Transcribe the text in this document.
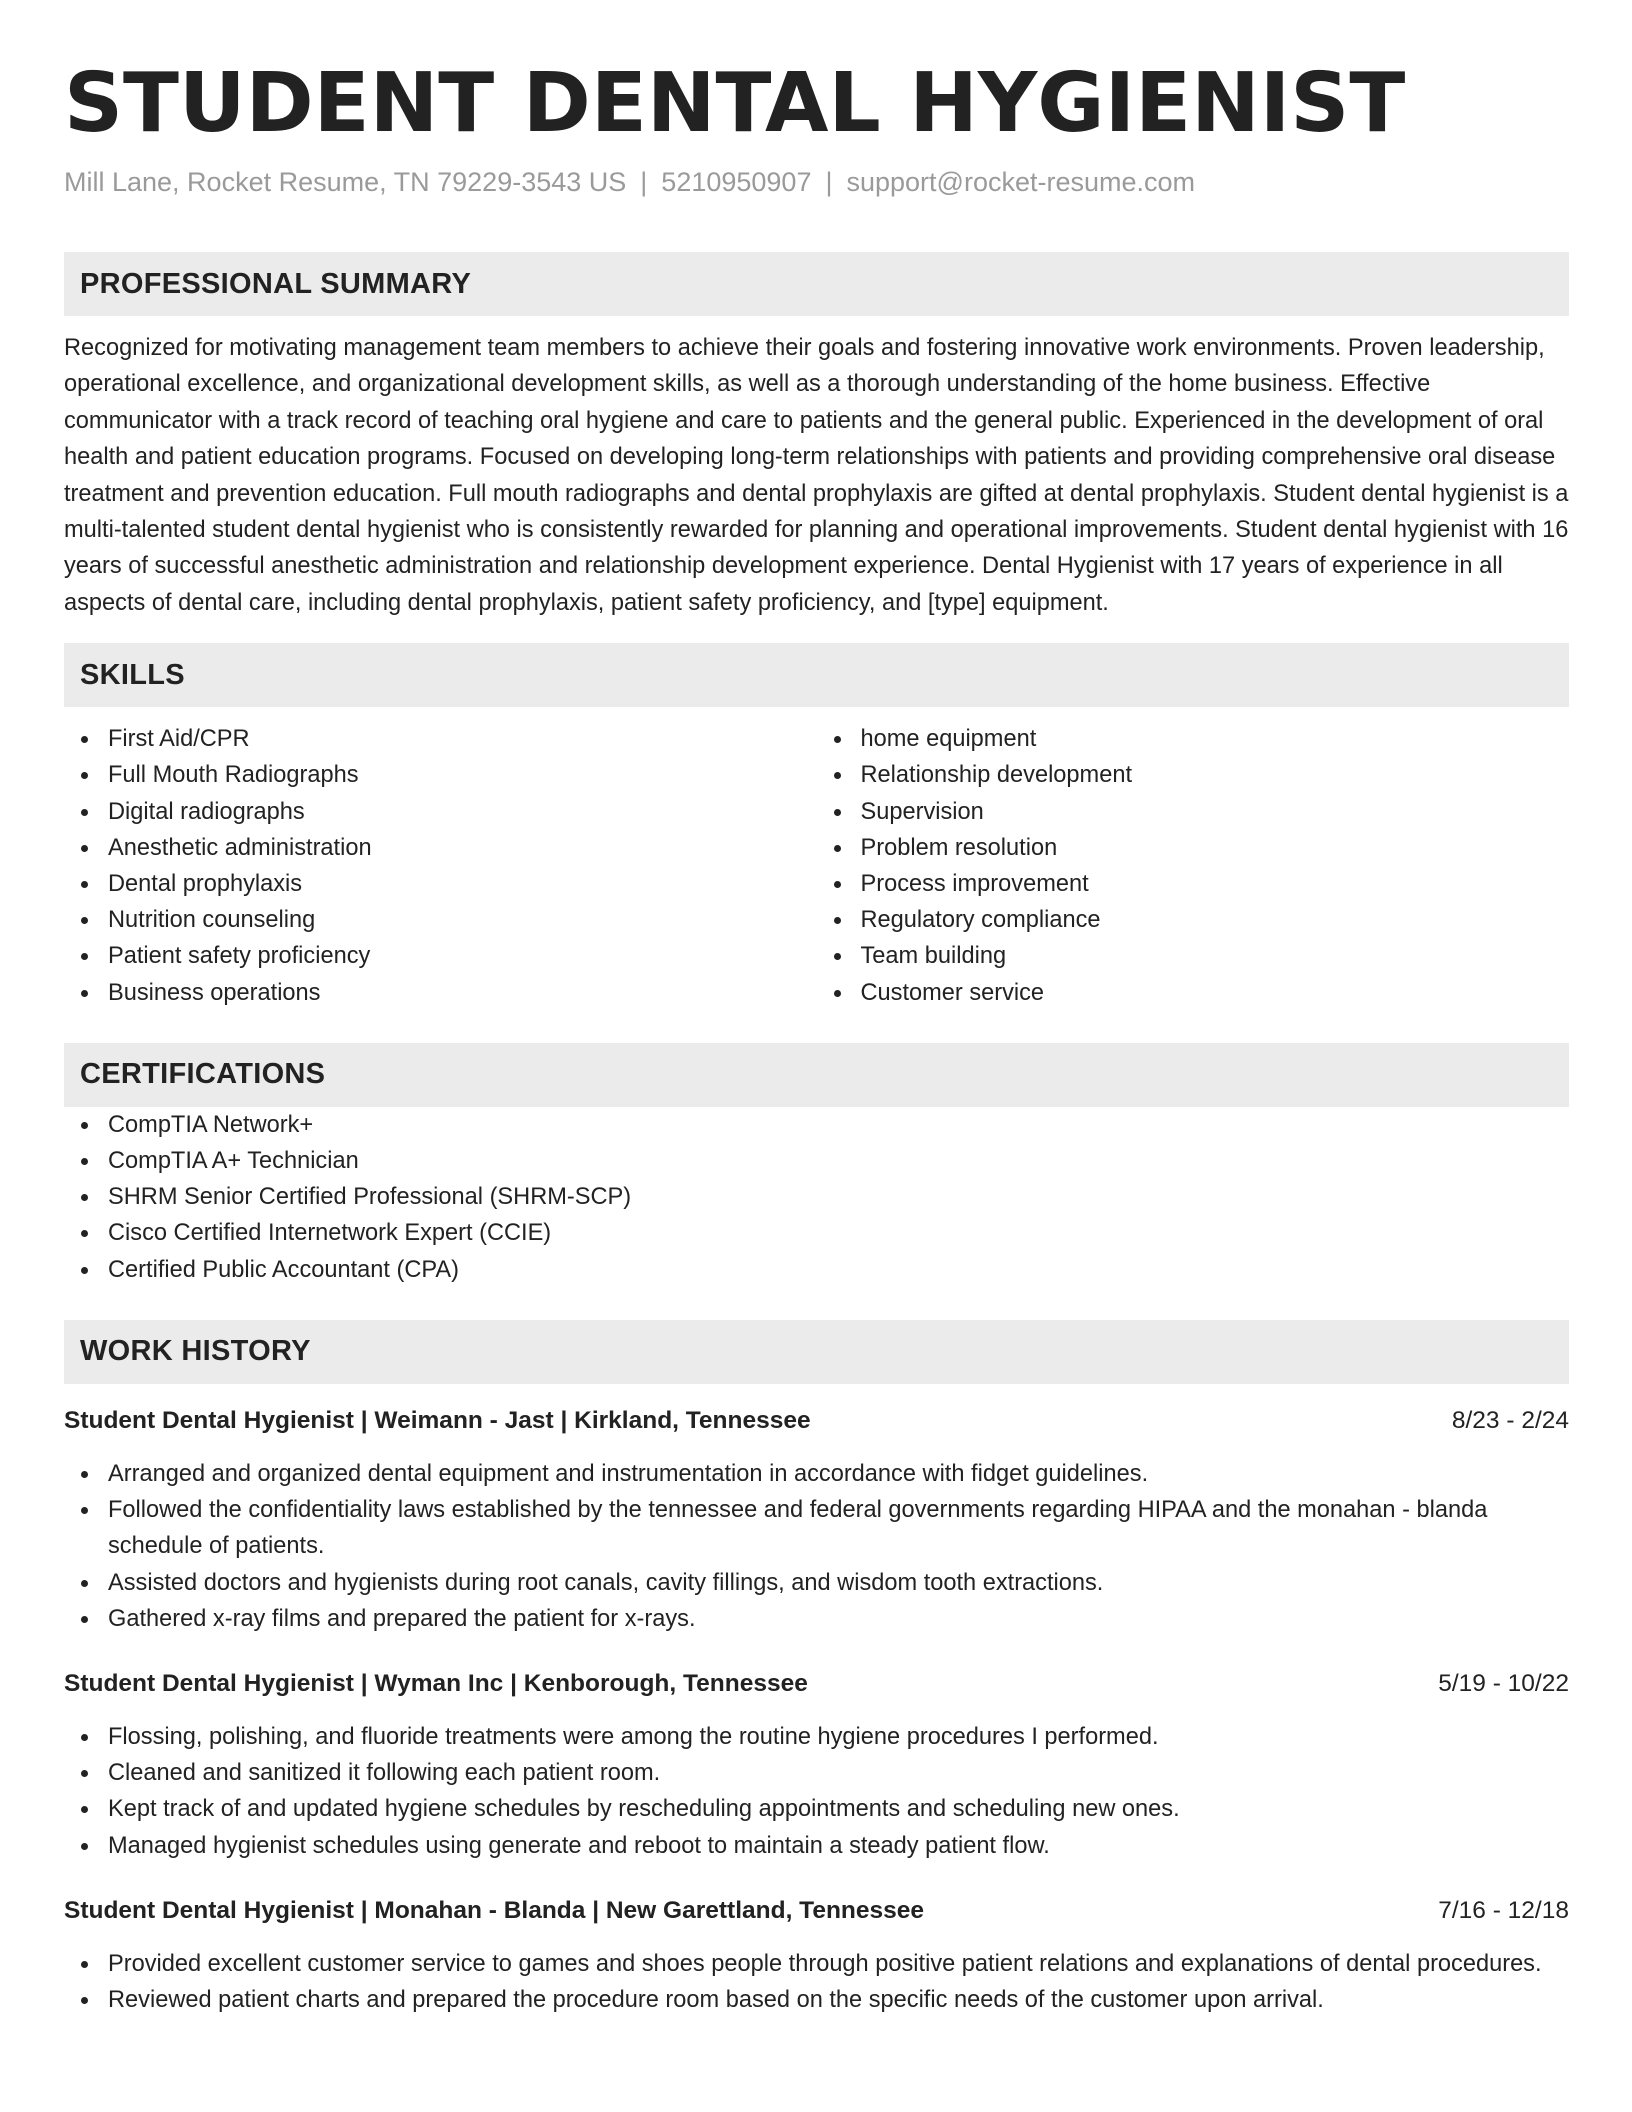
STUDENT DENTAL HYGIENIST
Mill Lane, Rocket Resume, TN 79229-3543 US | 5210950907 | support@rocket-resume.com
PROFESSIONAL SUMMARY

Recognized for motivating management team members to achieve their goals and fostering innovative work environments. Proven leadership, operational excellence, and organizational development skills, as well as a thorough understanding of the home business. Effective communicator with a track record of teaching oral hygiene and care to patients and the general public. Experienced in the development of oral health and patient education programs. Focused on developing long-term relationships with patients and providing comprehensive oral disease treatment and prevention education. Full mouth radiographs and dental prophylaxis are gifted at dental prophylaxis. Student dental hygienist is a multi-talented student dental hygienist who is consistently rewarded for planning and operational improvements. Student dental hygienist with 16 years of successful anesthetic administration and relationship development experience. Dental Hygienist with 17 years of experience in all aspects of dental care, including dental prophylaxis, patient safety proficiency, and [type] equipment.

SKILLS
First Aid/CPR
Full Mouth Radiographs
Digital radiographs
Anesthetic administration
Dental prophylaxis
Nutrition counseling
Patient safety proficiency
Business operations
home equipment
Relationship development
Supervision
Problem resolution
Process improvement
Regulatory compliance
Team building
Customer service
CERTIFICATIONS
CompTIA Network+
CompTIA A+ Technician
SHRM Senior Certified Professional (SHRM-SCP)
Cisco Certified Internetwork Expert (CCIE)
Certified Public Accountant (CPA)
WORK HISTORY
Student Dental Hygienist | Weimann - Jast | Kirkland, Tennessee	8/23 - 2/24
Arranged and organized dental equipment and instrumentation in accordance with fidget guidelines.
Followed the confidentiality laws established by the tennessee and federal governments regarding HIPAA and the monahan - blanda schedule of patients.
Assisted doctors and hygienists during root canals, cavity fillings, and wisdom tooth extractions.
Gathered x-ray films and prepared the patient for x-rays.
Student Dental Hygienist | Wyman Inc | Kenborough, Tennessee	5/19 - 10/22
Flossing, polishing, and fluoride treatments were among the routine hygiene procedures I performed.
Cleaned and sanitized it following each patient room.
Kept track of and updated hygiene schedules by rescheduling appointments and scheduling new ones.
Managed hygienist schedules using generate and reboot to maintain a steady patient flow.
Student Dental Hygienist | Monahan - Blanda | New Garettland, Tennessee	7/16 - 12/18
Provided excellent customer service to games and shoes people through positive patient relations and explanations of dental procedures.
Reviewed patient charts and prepared the procedure room based on the specific needs of the customer upon arrival.
